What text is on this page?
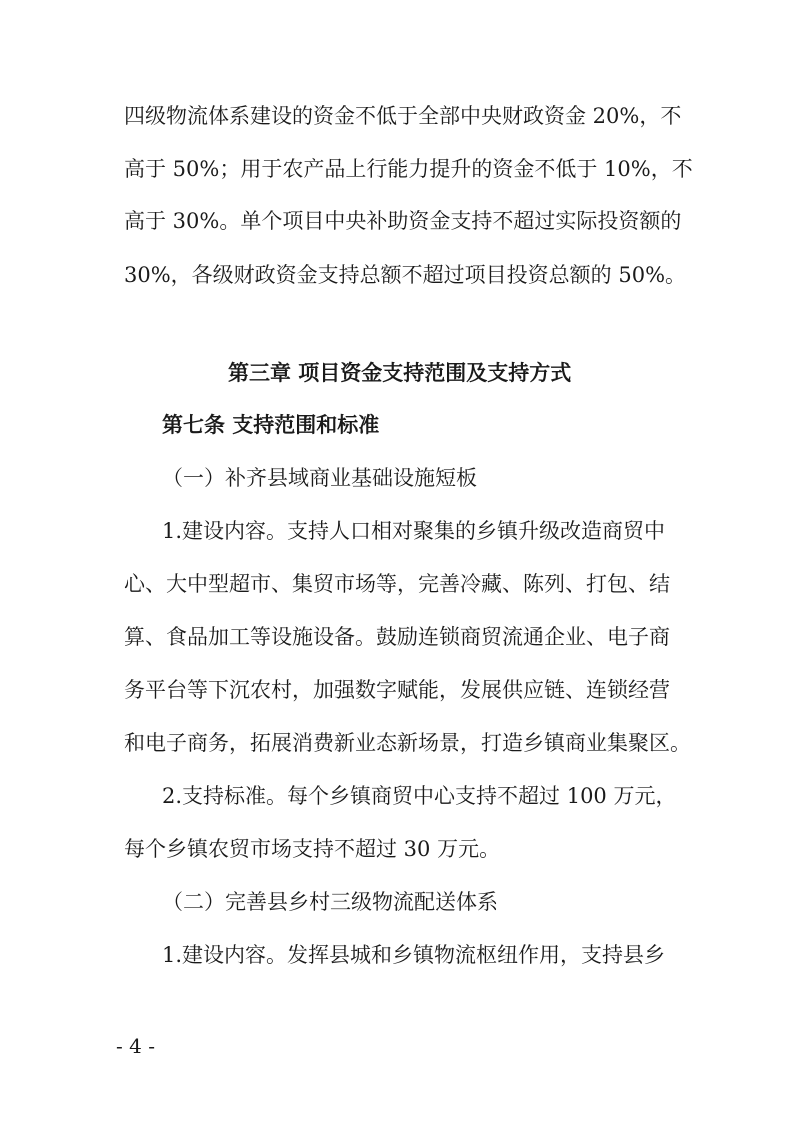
四级物流体系建设的资金不低于全部中央财政资金 20%，不
高于 50%；用于农产品上行能力提升的资金不低于 10%，不
高于 30%。单个项目中央补助资金支持不超过实际投资额的
30%，各级财政资金支持总额不超过项目投资总额的 50%。
第三章 项目资金支持范围及支持方式
第七条 支持范围和标准
（一）补齐县域商业基础设施短板
1.建设内容。支持人口相对聚集的乡镇升级改造商贸中
心、大中型超市、集贸市场等，完善冷藏、陈列、打包、结
算、食品加工等设施设备。鼓励连锁商贸流通企业、电子商
务平台等下沉农村，加强数字赋能，发展供应链、连锁经营
和电子商务，拓展消费新业态新场景，打造乡镇商业集聚区。
2.支持标准。每个乡镇商贸中心支持不超过 100 万元，
每个乡镇农贸市场支持不超过 30 万元。
（二）完善县乡村三级物流配送体系
1.建设内容。发挥县城和乡镇物流枢纽作用，支持县乡
- 4 -
